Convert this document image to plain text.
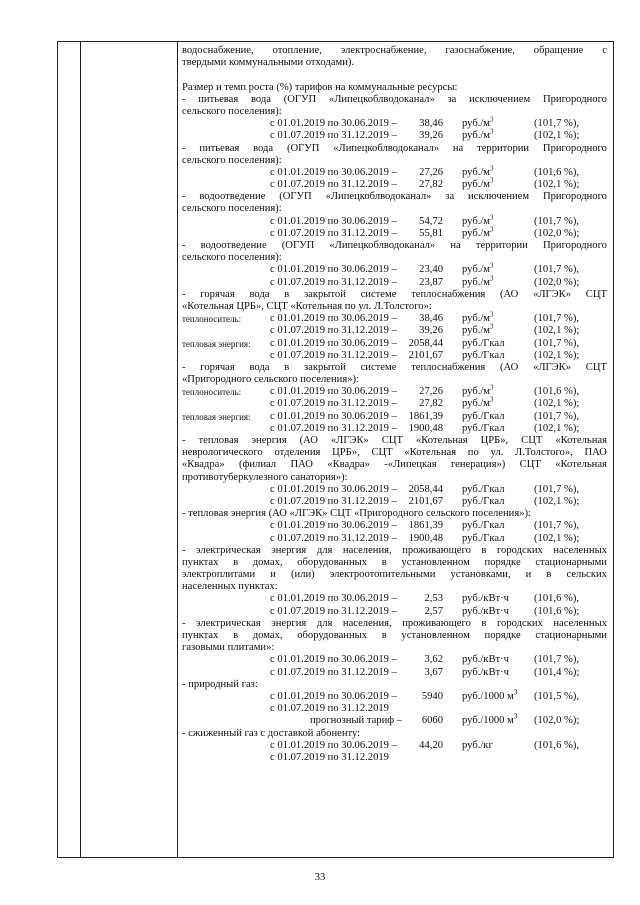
водоснабжение, отопление, электроснабжение, газоснабжение, обращение с
твердыми коммунальными отходами).
Размер и темп роста (%) тарифов на коммунальные ресурсы:
- питьевая вода (ОГУП «Липецкоблводоканал» за исключением Пригородного
сельского поселения):
с 01.01.2019 по 30.06.2019 – 38,46 $руб./м^3$	(101,7 %),
с 01.07.2019 по 31.12.2019 – 39,26 $руб./м^3$	(102,1 %);
- питьевая вода (ОГУП «Липецкоблводоканал» на территории Пригородного
сельского поселения):
с 01.01.2019 по 30.06.2019 – 27,26 $руб./м^3$	(101,6 %),
с 01.07.2019 по 31.12.2019 – 27,82 $руб./м^3$	(102,1 %);
- водоотведение (ОГУП «Липецкоблводоканал» за исключением Пригородного
сельского поселения):
с 01.01.2019 по 30.06.2019 – 54,72 $руб./м^3$	(101,7 %),
с 01.07.2019 по 31.12.2019 – 55,81 $руб./м^3$	(102,0 %);
- водоотведение (ОГУП «Липецкоблводоканал» на территории Пригородного
сельского поселения):
с 01.01.2019 по 30.06.2019 – 23,40 $руб./м^3$	(101,7 %),
с 01.07.2019 по 31.12.2019 – 23,87 $руб./м^3$	(102,0 %);
- горячая вода в закрытой системе теплоснабжения (АО «ЛГЭК» СЦТ
«Котельная ЦРБ», СЦТ «Котельная по ул. Л.Толстого»:
теплоноситель:	с 01.01.2019 по 30.06.2019 – 38,46 $руб./м^3$	(101,7 %),
с 01.07.2019 по 31.12.2019 – 39,26 $руб./м^3$	(102,1 %);
тепловая энергия: с 01.01.2019 по 30.06.2019 – 2058,44 руб./Гкал	(101,7 %),
с 01.07.2019 по 31.12.2019 – 2101,67 руб./Гкал	(102,1 %);
- горячая вода в закрытой системе теплоснабжения (АО «ЛГЭК» СЦТ
«Пригородного сельского поселения»):
теплоноситель:	с 01.01.2019 по 30.06.2019 – 27,26 $руб./м^3$	(101,6 %),
с 01.07.2019 по 31.12.2019 – 27,82 $руб./м^3$	(102,1 %);
тепловая энергия: с 01.01.2019 по 30.06.2019 – 1861,39 руб./Гкал	(101,7 %),
с 01.07.2019 по 31.12.2019 – 1900,48 руб./Гкал	(102,1 %);
- тепловая энергия (АО «ЛГЭК» СЦТ «Котельная ЦРБ», СЦТ «Котельная
неврологического отделения ЦРБ», СЦТ «Котельная по ул. Л.Толстого», ПАО
«Квадра» (филиал ПАО «Квадра» -«Липецкая генерация») СЦТ «Котельная
противотуберкулезного санатория»):
с 01.01.2019 по 30.06.2019 – 2058,44 руб./Гкал	(101,7 %),
с 01.07.2019 по 31.12.2019 – 2101,67 руб./Гкал	(102,1 %);
- тепловая энергия (АО «ЛГЭК» СЦТ «Пригородного сельского поселения»):
с 01.01.2019 по 30.06.2019 – 1861,39 руб./Гкал	(101,7 %),
с 01.07.2019 по 31.12.2019 – 1900,48 руб./Гкал	(102,1 %);
- электрическая энергия для населения, проживающего в городских населенных
пунктах в домах, оборудованных в установленном порядке стационарными
электроплитами и (или) электроотопительными установками, и в сельских
населенных пунктах:
с 01.01.2019 по 30.06.2019 –	2,53 руб./кВт·ч (101,6 %),
с 01.07.2019 по 31.12.2019 –	2,57 руб./кВт·ч (101,6 %);
- электрическая энергия для населения, проживающего в городских населенных
пунктах в домах, оборудованных в установленном порядке стационарными
газовыми плитами»:
с 01.01.2019 по 30.06.2019 –	3,62 руб./кВт·ч (101,7 %),
с 01.07.2019 по 31.12.2019 –	3,67 руб./кВт·ч (101,4 %);
- природный газ:
с 01.01.2019 по 30.06.2019 – 5940 руб./1000 $м^3$ (101,5 %),
с 01.07.2019 по 31.12.2019
прогнозный тариф – 6060 руб./1000 $м^3$ (102,0 %);
- сжиженный газ с доставкой абоненту:
с 01.01.2019 по 30.06.2019 – 44,20 руб./кг	(101,6 %),
с 01.07.2019 по 31.12.2019
33
